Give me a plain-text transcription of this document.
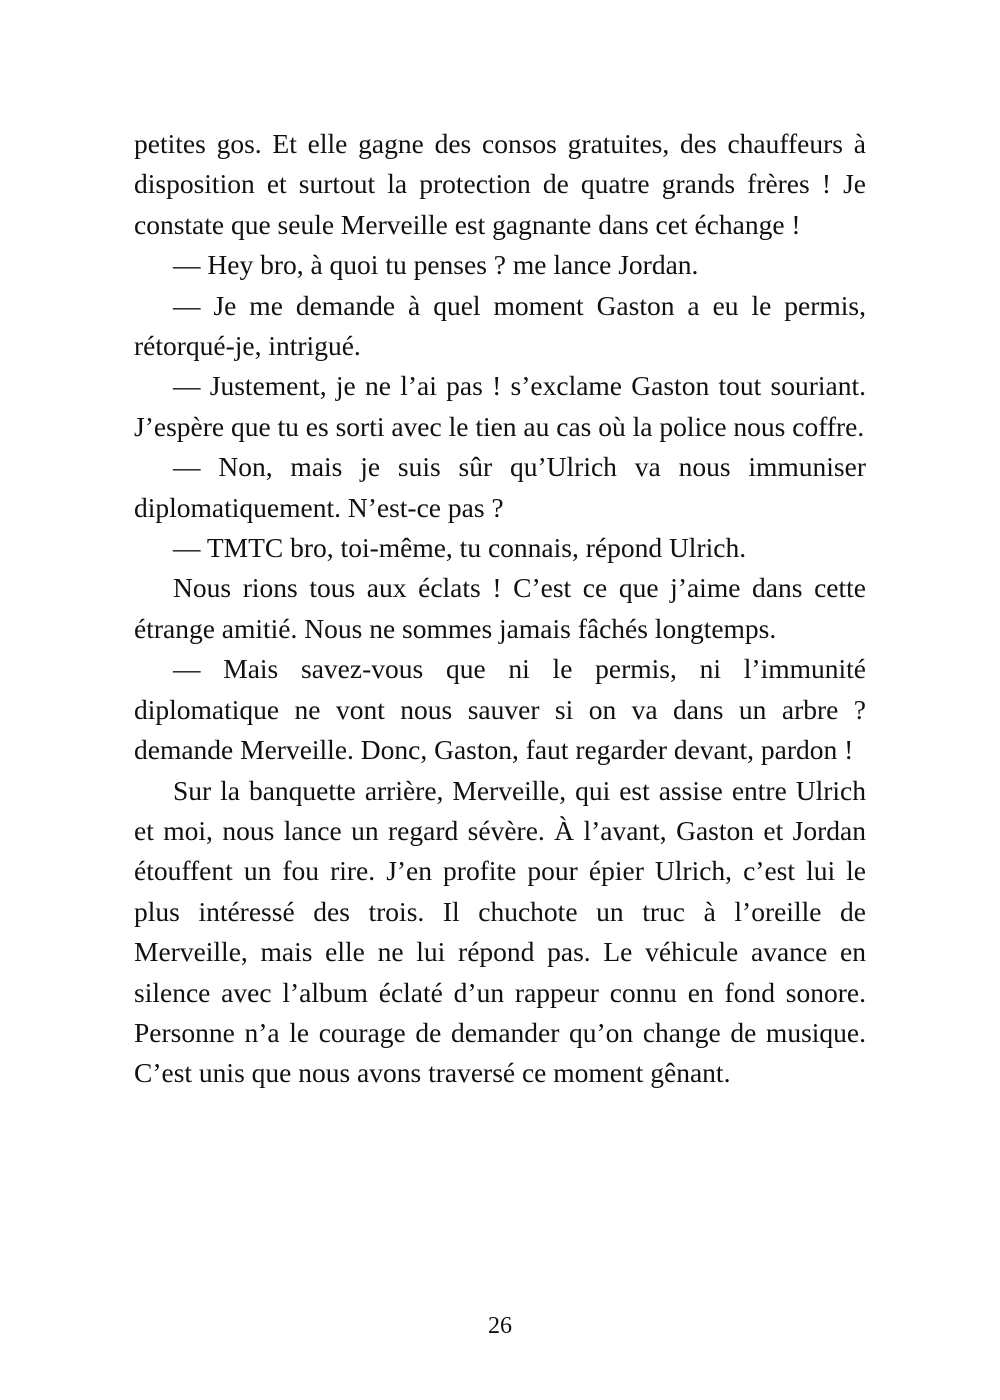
petites gos. Et elle gagne des consos gratuites, des chauffeurs à disposition et surtout la protection de quatre grands frères ! Je constate que seule Merveille est gagnante dans cet échange !

— Hey bro, à quoi tu penses ? me lance Jordan.

— Je me demande à quel moment Gaston a eu le permis, rétorqué-je, intrigué.

— Justement, je ne l’ai pas ! s’exclame Gaston tout souriant. J’espère que tu es sorti avec le tien au cas où la police nous coffre.

— Non, mais je suis sûr qu’Ulrich va nous immuniser diplomatiquement. N’est-ce pas ?

— TMTC bro, toi-même, tu connais, répond Ulrich.

Nous rions tous aux éclats ! C’est ce que j’aime dans cette étrange amitié. Nous ne sommes jamais fâchés longtemps.

— Mais savez-vous que ni le permis, ni l’immunité diplomatique ne vont nous sauver si on va dans un arbre ? demande Merveille. Donc, Gaston, faut regarder devant, pardon !

Sur la banquette arrière, Merveille, qui est assise entre Ulrich et moi, nous lance un regard sévère. À l’avant, Gaston et Jordan étouffent un fou rire. J’en profite pour épier Ulrich, c’est lui le plus intéressé des trois. Il chuchote un truc à l’oreille de Merveille, mais elle ne lui répond pas. Le véhicule avance en silence avec l’album éclaté d’un rappeur connu en fond sonore. Personne n’a le courage de demander qu’on change de musique. C’est unis que nous avons traversé ce moment gênant.

26
